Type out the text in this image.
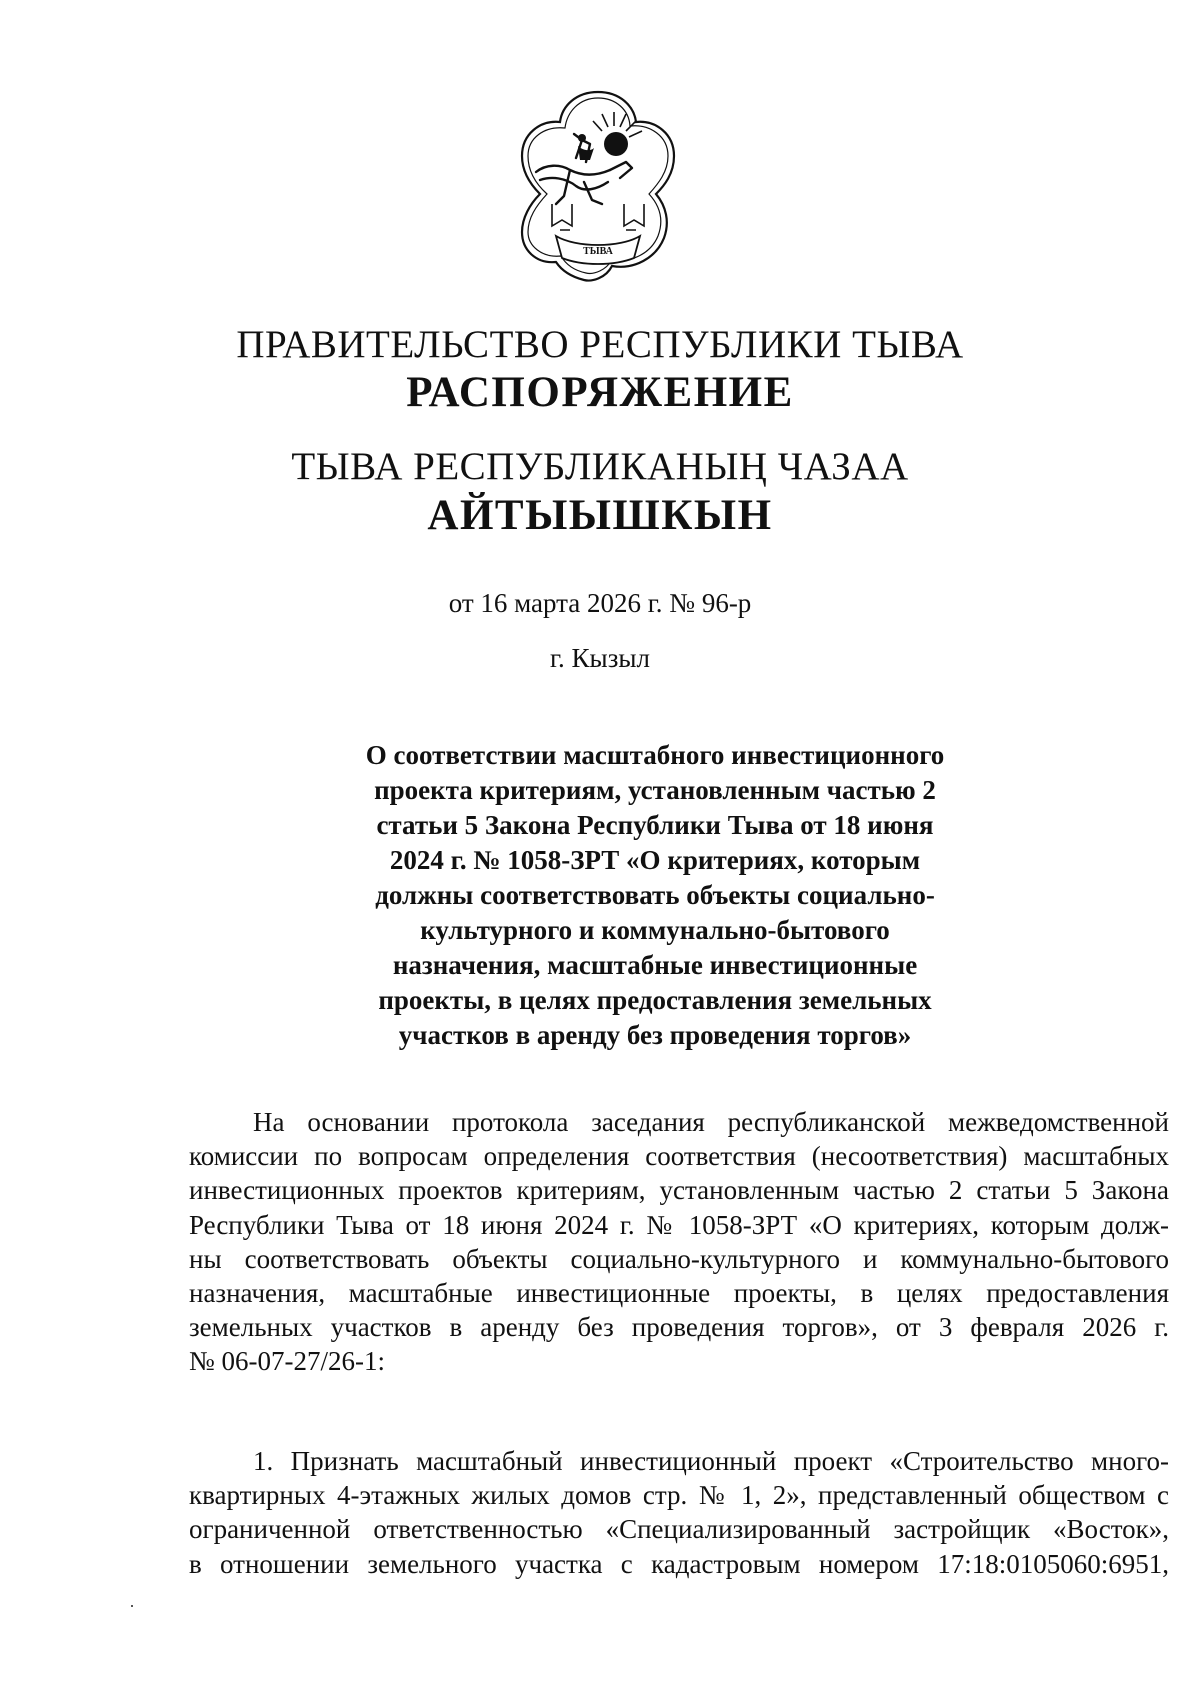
ТЫВА
ПРАВИТЕЛЬСТВО РЕСПУБЛИКИ ТЫВА
РАСПОРЯЖЕНИЕ
ТЫВА РЕСПУБЛИКАНЫҢ ЧАЗАА
АЙТЫЫШКЫН
от 16 марта 2026 г. № 96-р
г. Кызыл
О соответствии масштабного инвестиционного
проекта критериям, установленным частью 2
статьи 5 Закона Республики Тыва от 18 июня
2024 г. № 1058-ЗРТ «О критериях, которым
должны соответствовать объекты социально-
культурного и коммунально-бытового
назначения, масштабные инвестиционные
проекты, в целях предоставления земельных
участков в аренду без проведения торгов»
На основании протокола заседания республиканской межведомственной
комиссии по вопросам определения соответствия (несоответствия) масштабных
инвестиционных проектов критериям, установленным частью 2 статьи 5 Закона
Республики Тыва от 18 июня 2024 г. № 1058-ЗРТ «О критериях, которым долж-
ны соответствовать объекты социально-культурного и коммунально-бытового
назначения, масштабные инвестиционные проекты, в целях предоставления
земельных участков в аренду без проведения торгов», от 3 февраля 2026 г.
№ 06-07-27/26-1:
1. Признать масштабный инвестиционный проект «Строительство много-
квартирных 4-этажных жилых домов стр. № 1, 2», представленный обществом с
ограниченной ответственностью «Специализированный застройщик «Восток»,
в отношении земельного участка с кадастровым номером 17:18:0105060:6951,
